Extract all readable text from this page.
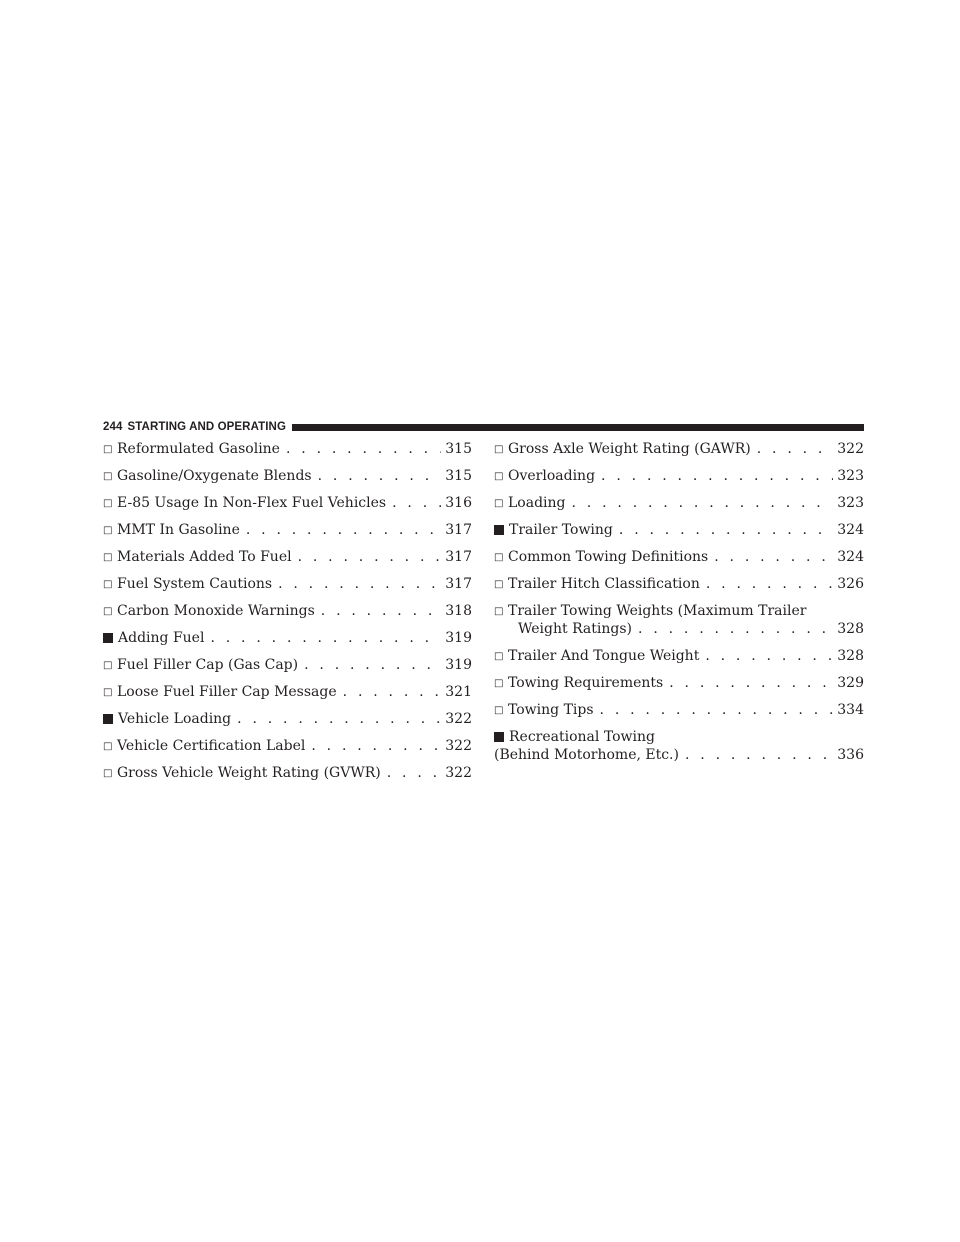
244 STARTING AND OPERATING
□ Reformulated Gasoline . . .	315
□ Gasoline/Oxygenate Blends . . .	315
□ E-85 Usage In Non-Flex Fuel Vehicles . . .	316
□ MMT In Gasoline . . .	317
□ Materials Added To Fuel . . .	317
□ Fuel System Cautions . . .	317
□ Carbon Monoxide Warnings . . .	318
Adding Fuel . . .	319
□ Fuel Filler Cap (Gas Cap) . . .	319
□ Loose Fuel Filler Cap Message . . .	321
Vehicle Loading . . .	322
□ Vehicle Certification Label . . .	322
□ Gross Vehicle Weight Rating (GVWR) . . .	322
□ Gross Axle Weight Rating (GAWR) . . .	322
□ Overloading . . .	323
□ Loading . . .	323
Trailer Towing . . .	324
□ Common Towing Definitions . . .	324
□ Trailer Hitch Classification . . .	326
□ Trailer Towing Weights (Maximum Trailer
Weight Ratings) . . .	328
□ Trailer And Tongue Weight . . .	328
□ Towing Requirements . . .	329
□ Towing Tips . . .	334
Recreational Towing
(Behind Motorhome, Etc.) . . .	336
